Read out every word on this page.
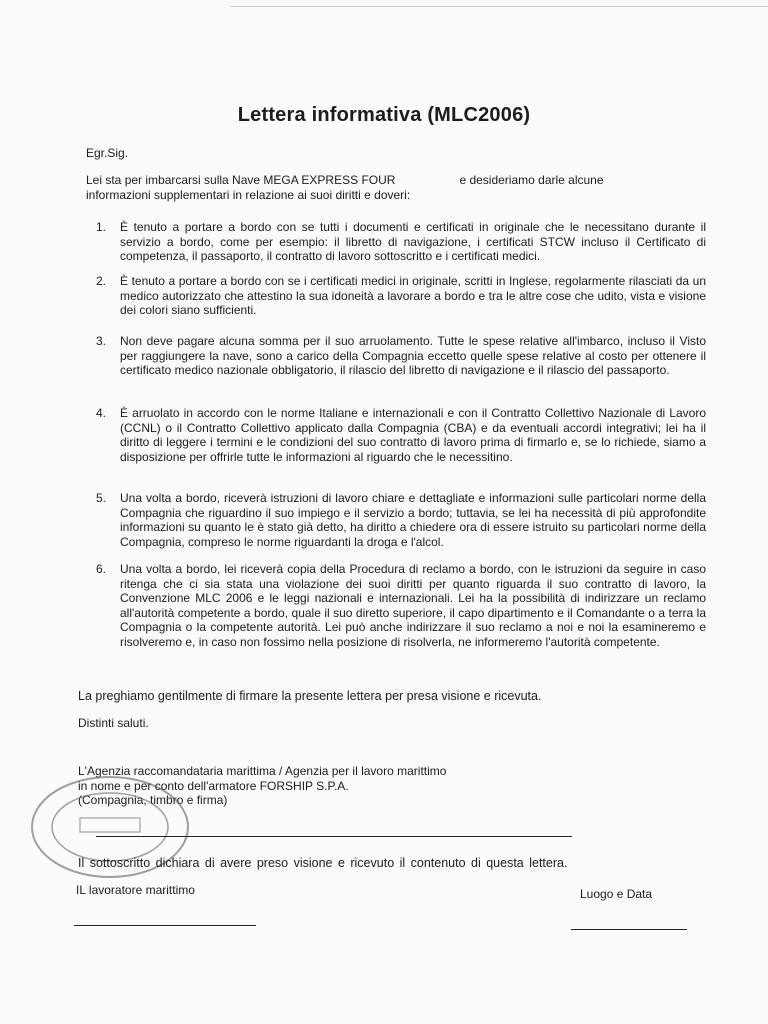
Lettera informativa (MLC2006)
Egr.Sig.
Lei sta per imbarcarsi sulla Nave MEGA EXPRESS FOUR	e desideriamo darle alcune
informazioni supplementari in relazione ai suoi diritti e doveri:
1.	È tenuto a portare a bordo con se tutti i documenti e certificati in originale che le necessitano durante il servizio a bordo, come per esempio: il libretto di navigazione, i certificati STCW incluso il Certificato di competenza, il passaporto, il contratto di lavoro sottoscritto e i certificati medici.
2.	È tenuto a portare a bordo con se i certificati medici in originale, scritti in Inglese, regolarmente rilasciati da un medico autorizzato che attestino la sua idoneità a lavorare a bordo e tra le altre cose che udito, vista e visione dei colori siano sufficienti.
3.	Non deve pagare alcuna somma per il suo arruolamento. Tutte le spese relative all'imbarco, incluso il Visto per raggiungere la nave, sono a carico della Compagnia eccetto quelle spese relative al costo per ottenere il certificato medico nazionale obbligatorio, il rilascio del libretto di navigazione e il rilascio del passaporto.
4.	È arruolato in accordo con le norme Italiane e internazionali e con il Contratto Collettivo Nazionale di Lavoro (CCNL) o il Contratto Collettivo applicato dalla Compagnia (CBA) e da eventuali accordi integrativi; lei ha il diritto di leggere i termini e le condizioni del suo contratto di lavoro prima di firmarlo e, se lo richiede, siamo a disposizione per offrirle tutte le informazioni al riguardo che le necessitino.
5.	Una volta a bordo, riceverà istruzioni di lavoro chiare e dettagliate e informazioni sulle particolari norme della Compagnia che riguardino il suo impiego e il servizio a bordo; tuttavia, se lei ha necessità di più approfondite informazioni su quanto le è stato già detto, ha diritto a chiedere ora di essere istruito su particolari norme della Compagnia, compreso le norme riguardanti la droga e l'alcol.
6.	Una volta a bordo, lei riceverà copia della Procedura di reclamo a bordo, con le istruzioni da seguire in caso ritenga che ci sia stata una violazione dei suoi diritti per quanto riguarda il suo contratto di lavoro, la Convenzione MLC 2006 e le leggi nazionali e internazionali. Lei ha la possibilità di indirizzare un reclamo all'autorità competente a bordo, quale il suo diretto superiore, il capo dipartimento e il Comandante o a terra la Compagnia o la competente autorità. Lei può anche indirizzare il suo reclamo a noi e noi la esamineremo e risolveremo e, in caso non fossimo nella posizione di risolverla, ne informeremo l'autorità competente.
La preghiamo gentilmente di firmare la presente lettera per presa visione e ricevuta.
Distinti saluti.
L'Agenzia raccomandataria marittima / Agenzia per il lavoro marittimo
in nome e per conto dell'armatore FORSHIP S.P.A.
(Compagnia, timbro e firma)
Il sottoscritto dichiara di avere preso visione e ricevuto il contenuto di questa lettera.
IL lavoratore marittimo	Luogo e Data
